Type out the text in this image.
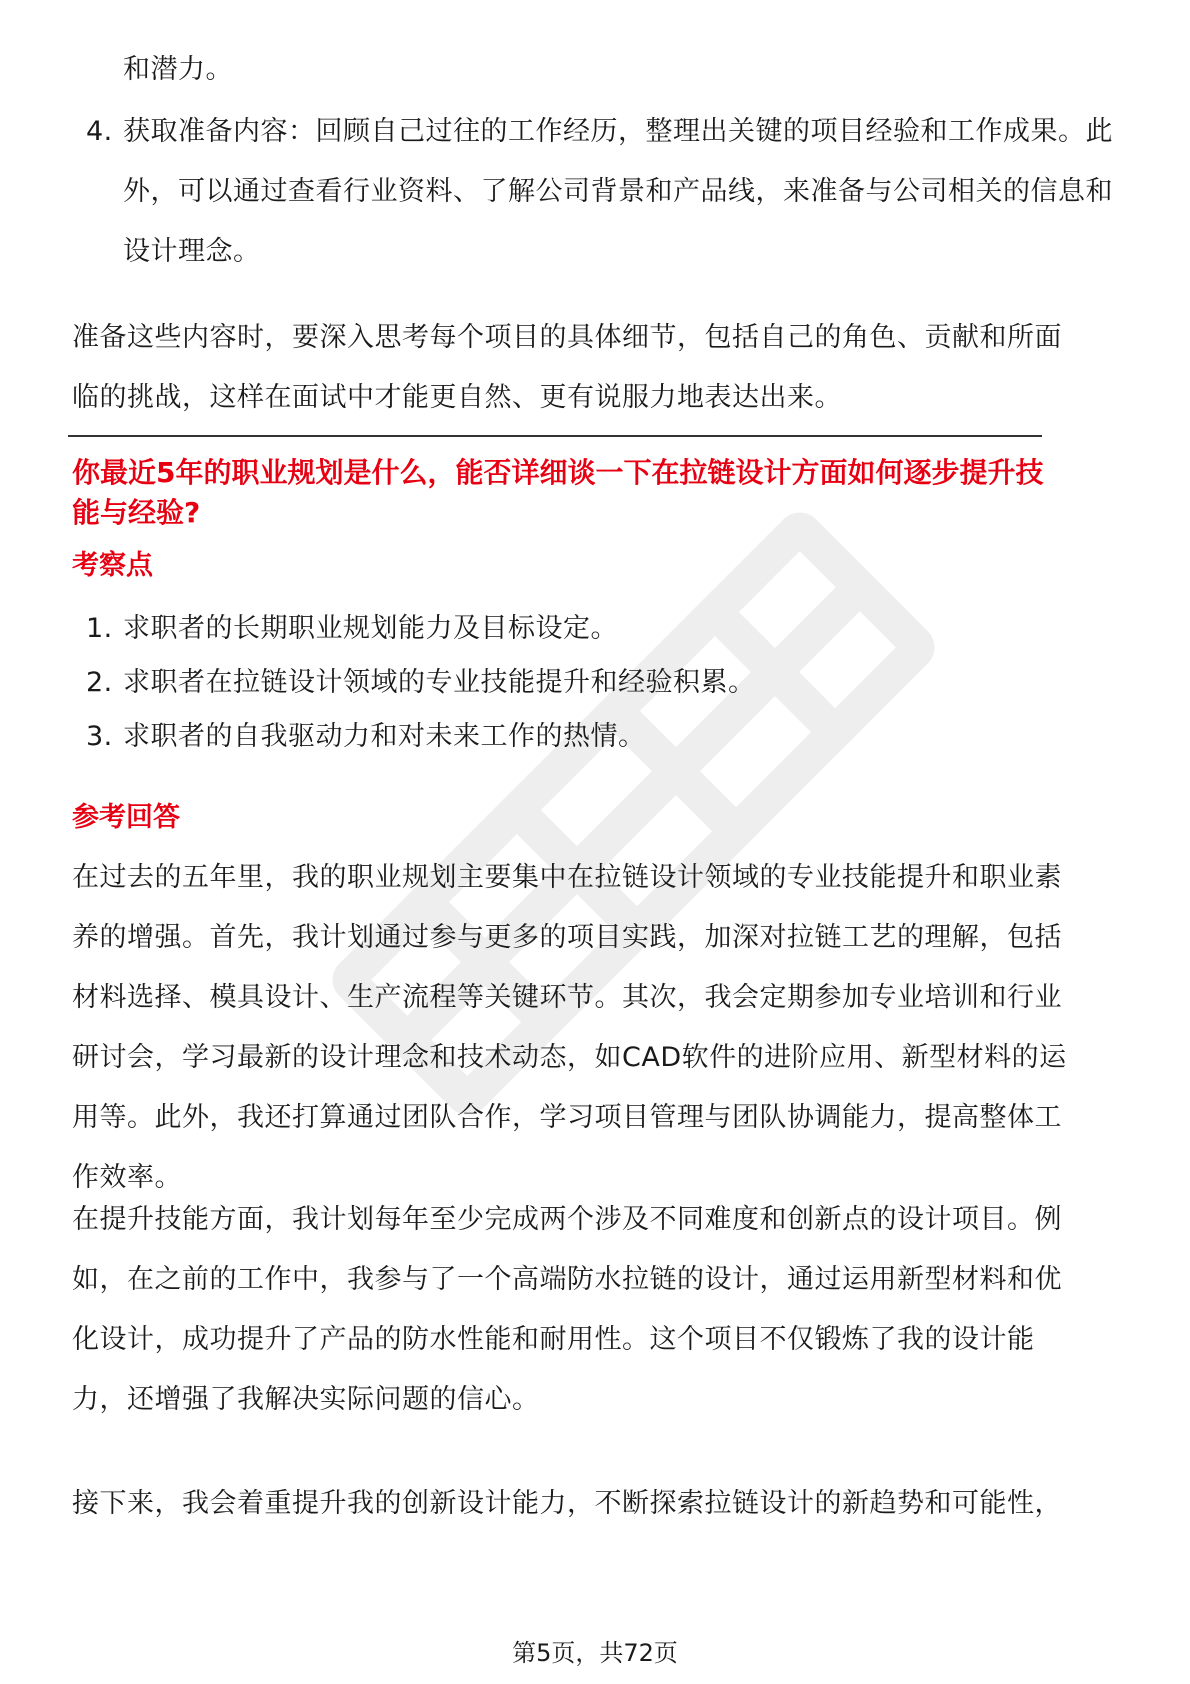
和潜力。
4. 获取准备内容：回顾自己过往的工作经历，整理出关键的项目经验和工作成果。此外，可以通过查看行业资料、了解公司背景和产品线，来准备与公司相关的信息和设计理念。

准备这些内容时，要深入思考每个项目的具体细节，包括自己的角色、贡献和所面临的挑战，这样在面试中才能更自然、更有说服力地表达出来。

你最近5年的职业规划是什么，能否详细谈一下在拉链设计方面如何逐步提升技能与经验?

考察点

1. 求职者的长期职业规划能力及目标设定。
2. 求职者在拉链设计领域的专业技能提升和经验积累。
3. 求职者的自我驱动力和对未来工作的热情。

参考回答

在过去的五年里，我的职业规划主要集中在拉链设计领域的专业技能提升和职业素养的增强。首先，我计划通过参与更多的项目实践，加深对拉链工艺的理解，包括材料选择、模具设计、生产流程等关键环节。其次，我会定期参加专业培训和行业研讨会，学习最新的设计理念和技术动态，如CAD软件的进阶应用、新型材料的运用等。此外，我还打算通过团队合作，学习项目管理与团队协调能力，提高整体工作效率。

在提升技能方面，我计划每年至少完成两个涉及不同难度和创新点的设计项目。例如，在之前的工作中，我参与了一个高端防水拉链的设计，通过运用新型材料和优化设计，成功提升了产品的防水性能和耐用性。这个项目不仅锻炼了我的设计能力，还增强了我解决实际问题的信心。

接下来，我会着重提升我的创新设计能力，不断探索拉链设计的新趋势和可能性，

第5页，共72页
